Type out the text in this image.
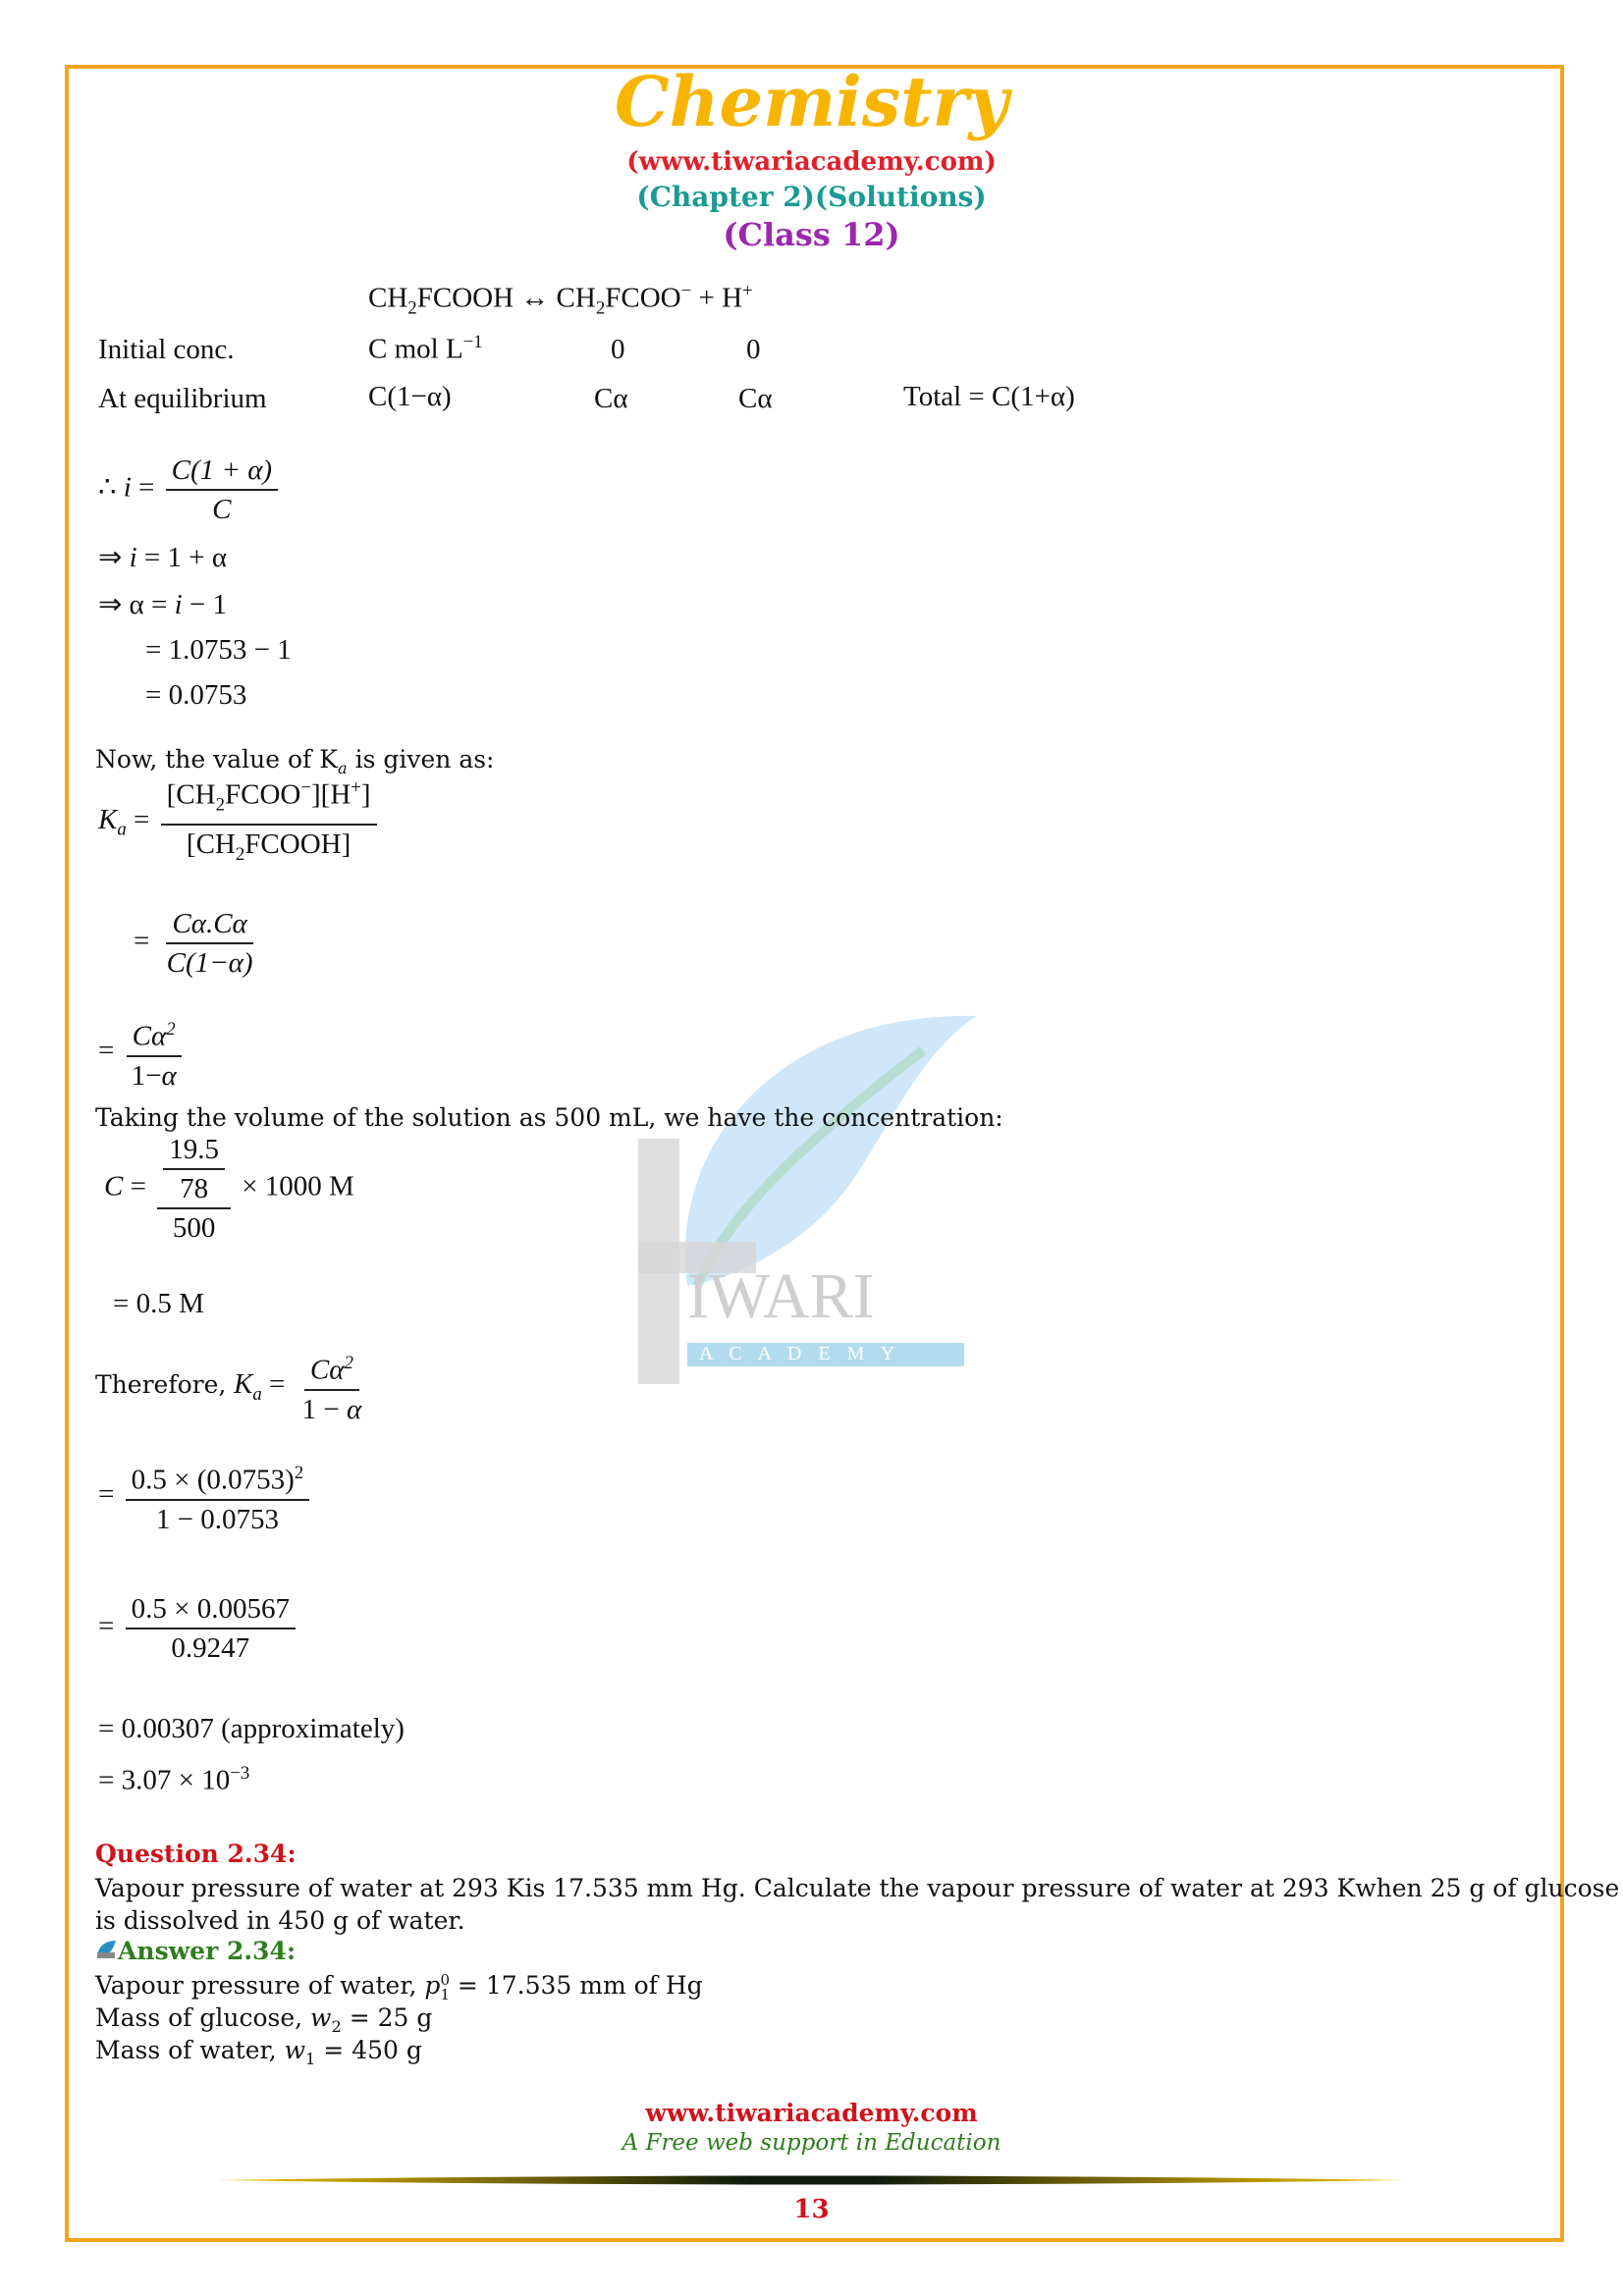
Chemistry
(www.tiwariacademy.com)
(Chapter 2)(Solutions)
(Class 12)
IWARI
A C A D E M Y
$CH_2FCOOH$ ↔ $CH_2FCOO^- + H^+$
Initial conc.	C mol $L^{-1}$	0	0
At equilibrium	C(1−α)	Cα	Cα	Total = C(1+α)
∴ $i = \frac{C(1 + \alpha)}{C}$
⇒ i = 1 + α
⇒ α = i − 1
= 1.0753 − 1
= 0.0753
Now, the value of $K_a$ is given as:
$K_a = \frac{[CH_2FCOO^-][H^+]}{[CH_2FCOOH]}$
= $\frac{C\alpha.C\alpha}{C(1-\alpha)}$
= $\frac{C\alpha^2}{1-\alpha}$
Taking the volume of the solution as 500 mL, we have the concentration:
$C = \frac{\frac{19.5}{78}}{500} \times 1000$ M
= 0.5 M
Therefore, $K_a = \frac{C\alpha^2}{1 - \alpha}$
= $\frac{0.5 \times (0.0753)^2}{1 - 0.0753}$
= $\frac{0.5 \times 0.00567}{0.9247}$
= 0.00307 (approximately)
= $3.07 \times 10^{-3}$
Question 2.34:
Vapour pressure of water at 293 Kis 17.535 mm Hg. Calculate the vapour pressure of water at 293 Kwhen 25 g of glucose
is dissolved in 450 g of water.
Answer 2.34:
Vapour pressure of water, p 0
1 = 17.535 mm of Hg
Mass of glucose, $w_2 = 25$ g
Mass of water, $w_1 = 450$ g
www.tiwariacademy.com
A Free web support in Education
13
